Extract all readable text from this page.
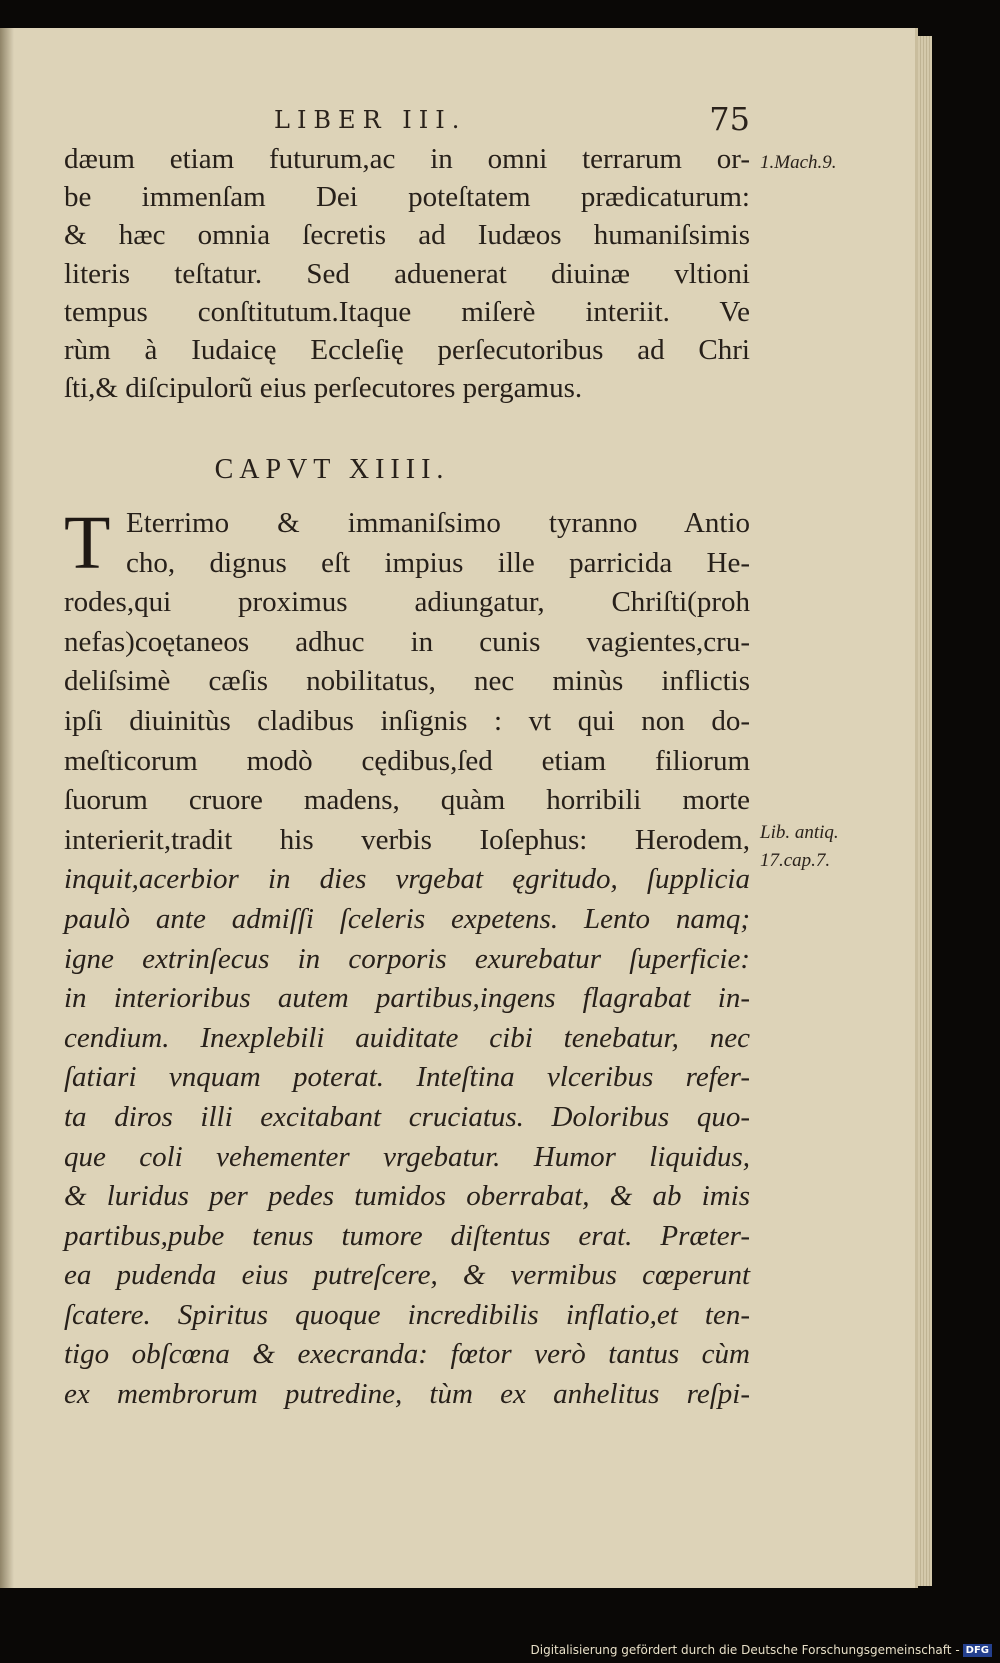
LIBER III.	75
dæum etiam futurum,ac in omni terrarum or-
be immenſam Dei poteſtatem prædicaturum:
& hæc omnia ſecretis ad Iudæos humaniſsimis
literis teſtatur. Sed aduenerat diuinæ vltioni
tempus conſtitutum.Itaque miſerè interiit. Ve
rùm à Iudaicę Eccleſię perſecutoribus ad Chri
ſti,& diſcipulorũ eius perſecutores pergamus.
1.Mach.9.
CAPVT XIIII.
T Eterrimo & immaniſsimo tyranno Antio
cho, dignus eſt impius ille parricida He-
rodes,qui proximus adiungatur, Chriſti(proh
nefas)coętaneos adhuc in cunis vagientes,cru-
deliſsimè cæſis nobilitatus, nec minùs inflictis
ipſi diuinitùs cladibus inſignis : vt qui non do-
meſticorum modò cędibus,ſed etiam filiorum
ſuorum cruore madens, quàm horribili morte
interierit,tradit his verbis Ioſephus: Herodem,
inquit,acerbior in dies vrgebat ęgritudo, ſupplicia
paulò ante admiſſi ſceleris expetens. Lento namq;
igne extrinſecus in corporis exurebatur ſuperficie:
in interioribus autem partibus,ingens flagrabat in-
cendium. Inexplebili auiditate cibi tenebatur, nec
ſatiari vnquam poterat. Inteſtina vlceribus refer-
ta diros illi excitabant cruciatus. Doloribus quo-
que coli vehementer vrgebatur. Humor liquidus,
& luridus per pedes tumidos oberrabat, & ab imis
partibus,pube tenus tumore diſtentus erat. Præter-
ea pudenda eius putreſcere, & vermibus cœperunt
ſcatere. Spiritus quoque incredibilis inflatio,et ten-
tigo obſcœna & execranda: fœtor verò tantus cùm
ex membrorum putredine, tùm ex anhelitus reſpi-
Lib. antiq.
17.cap.7.
Digitalisierung gefördert durch die Deutsche Forschungsgemeinschaft - DFG
